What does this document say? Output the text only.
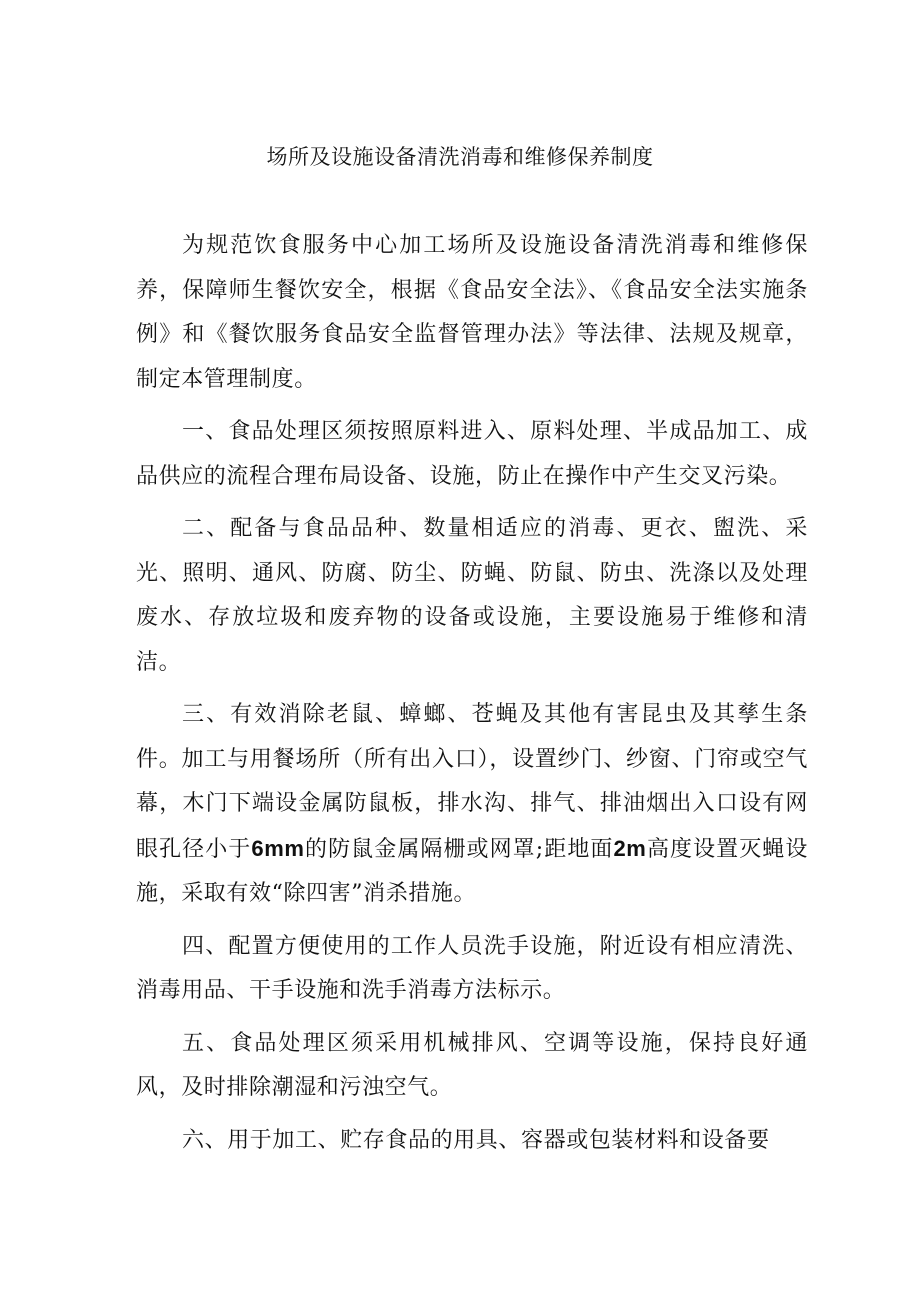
场所及设施设备清洗消毒和维修保养制度

为规范饮食服务中心加工场所及设施设备清洗消毒和维修保养，保障师生餐饮安全，根据《食品安全法》、《食品安全法实施条例》和《餐饮服务食品安全监督管理办法》等法律、法规及规章，制定本管理制度。

一、食品处理区须按照原料进入、原料处理、半成品加工、成品供应的流程合理布局设备、设施，防止在操作中产生交叉污染。

二、配备与食品品种、数量相适应的消毒、更衣、盥洗、采光、照明、通风、防腐、防尘、防蝇、防鼠、防虫、洗涤以及处理废水、存放垃圾和废弃物的设备或设施，主要设施易于维修和清洁。

三、有效消除老鼠、蟑螂、苍蝇及其他有害昆虫及其孳生条件。加工与用餐场所（所有出入口），设置纱门、纱窗、门帘或空气幕，木门下端设金属防鼠板，排水沟、排气、排油烟出入口设有网眼孔径小于6mm的防鼠金属隔栅或网罩;距地面2m高度设置灭蝇设施，采取有效“除四害”消杀措施。

四、配置方便使用的工作人员洗手设施，附近设有相应清洗、消毒用品、干手设施和洗手消毒方法标示。

五、食品处理区须采用机械排风、空调等设施，保持良好通风，及时排除潮湿和污浊空气。

六、用于加工、贮存食品的用具、容器或包装材料和设备要
